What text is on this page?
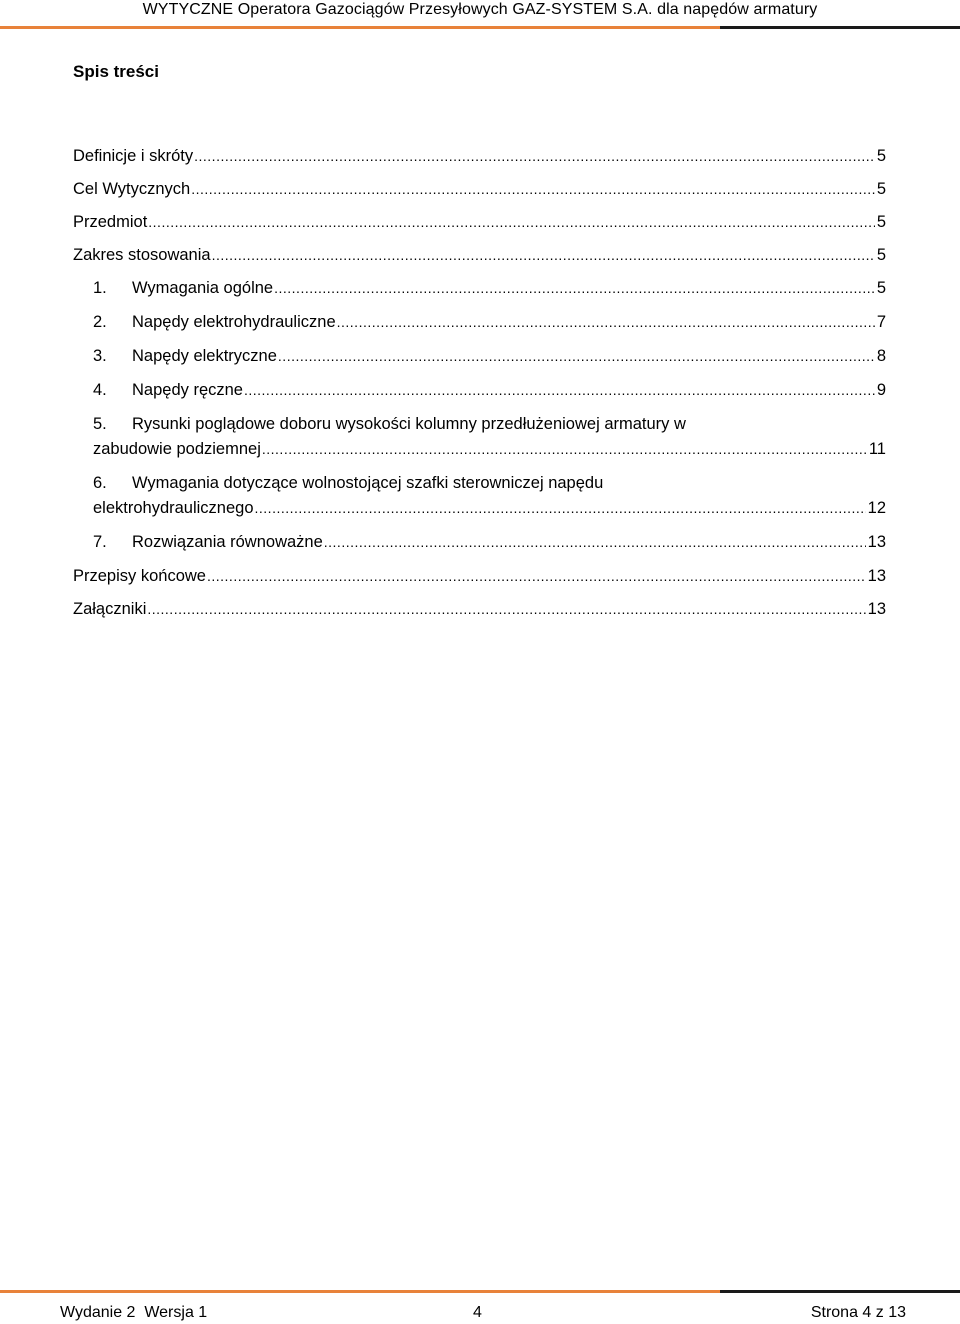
WYTYCZNE Operatora Gazociągów Przesyłowych GAZ-SYSTEM S.A. dla napędów armatury
Spis treści
Definicje i skróty .....	5
Cel Wytycznych .....	5
Przedmiot .....	5
Zakres stosowania .....	5
1. Wymagania ogólne .....	5
2. Napędy elektrohydrauliczne .....	7
3. Napędy elektryczne .....	8
4. Napędy ręczne .....	9
5. Rysunki poglądowe doboru wysokości kolumny przedłużeniowej armatury w
zabudowie podziemnej .....	11
6. Wymagania dotyczące wolnostojącej szafki sterowniczej napędu
elektrohydraulicznego .....	12
7. Rozwiązania równoważne .....	13
Przepisy końcowe .....	13
Załączniki .....	13
Wydanie 2  Wersja 1	4	Strona 4 z 13
